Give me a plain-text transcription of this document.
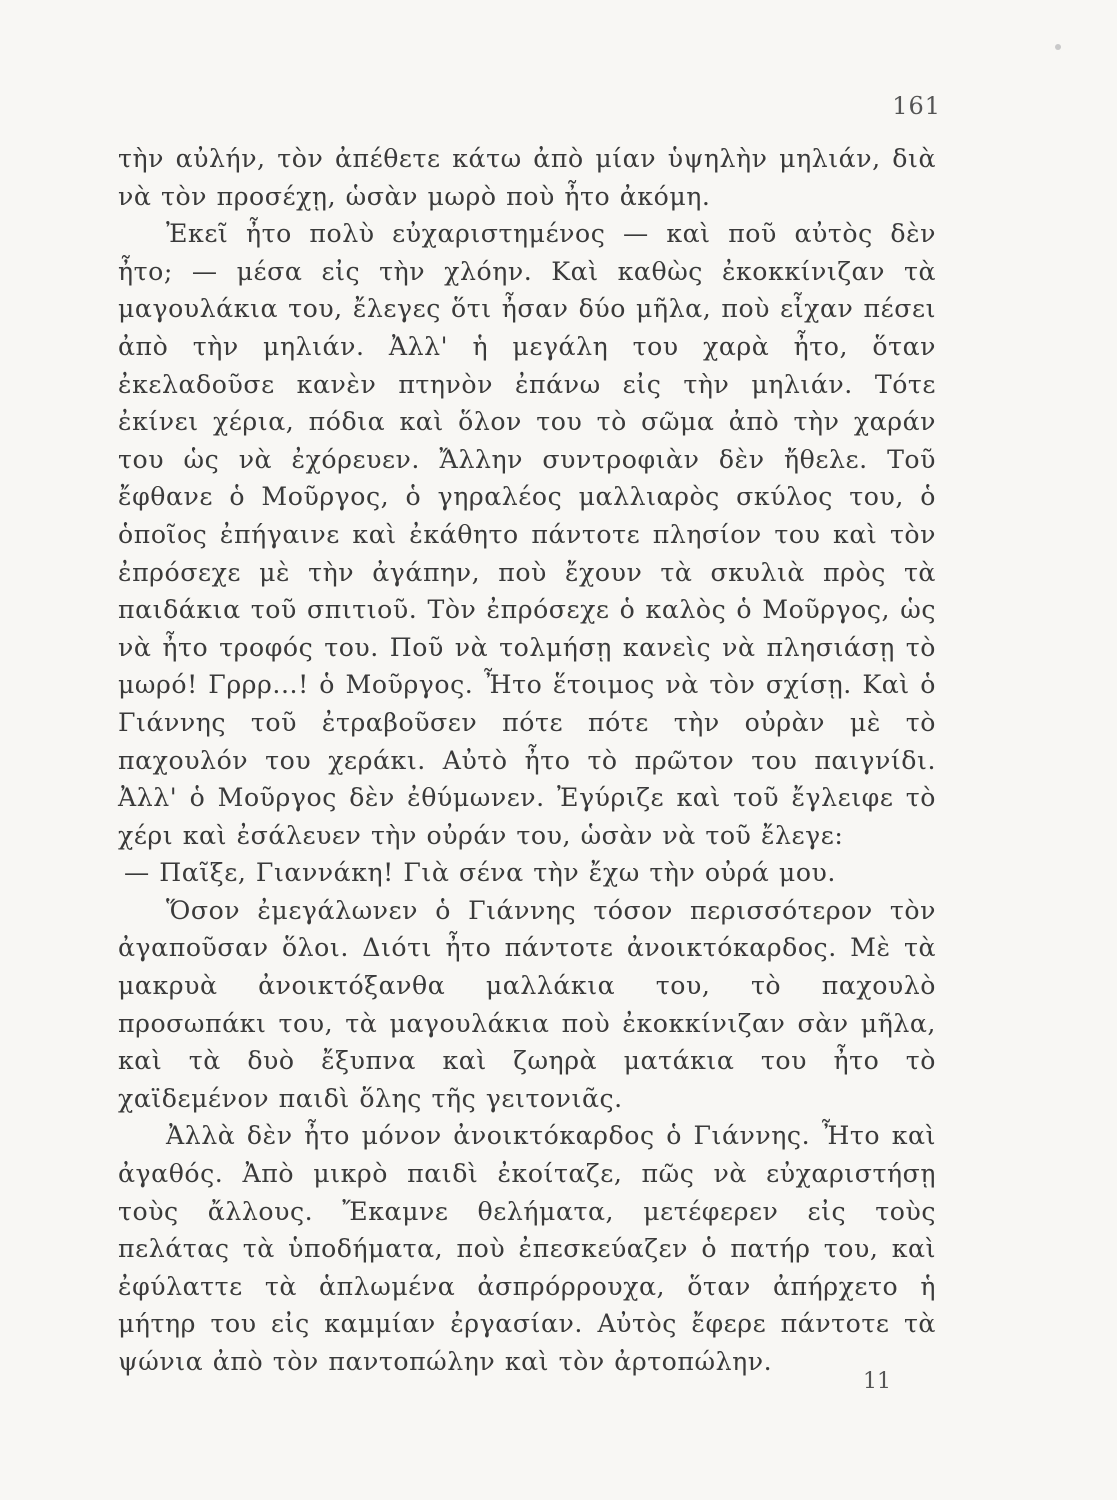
161

τὴν αὐλήν, τὸν ἀπέθετε κάτω ἀπὸ μίαν ὑψηλὴν μηλιάν, διὰ νὰ τὸν προσέχῃ, ὡσὰν μωρὸ ποὺ ἦτο ἀκόμη.

Ἐκεῖ ἦτο πολὺ εὐχαριστημένος — καὶ ποῦ αὐτὸς δὲν ἦτο; — μέσα εἰς τὴν χλόην. Καὶ καθὼς ἐκοκκίνιζαν τὰ μαγουλάκια του, ἔλεγες ὅτι ἦσαν δύο μῆλα, ποὺ εἶχαν πέσει ἀπὸ τὴν μηλιάν. Ἀλλ' ἡ μεγάλη του χαρὰ ἦτο, ὅταν ἐκελαδοῦσε κανὲν πτηνὸν ἐπάνω εἰς τὴν μηλιάν. Τότε ἐκίνει χέρια, πόδια καὶ ὅλον του τὸ σῶμα ἀπὸ τὴν χαράν του ὡς νὰ ἐχόρευεν. Ἄλλην συντροφιὰν δὲν ἤθελε. Τοῦ ἔφθανε ὁ Μοῦργος, ὁ γηραλέος μαλλιαρὸς σκύλος του, ὁ ὁποῖος ἐπήγαινε καὶ ἐκάθητο πάντοτε πλησίον του καὶ τὸν ἐπρόσεχε μὲ τὴν ἀγάπην, ποὺ ἔχουν τὰ σκυλιὰ πρὸς τὰ παιδάκια τοῦ σπιτιοῦ. Τὸν ἐπρόσεχε ὁ καλὸς ὁ Μοῦργος, ὡς νὰ ἦτο τροφός του. Ποῦ νὰ τολμήσῃ κανεὶς νὰ πλησιάσῃ τὸ μωρό! Γρρρ...! ὁ Μοῦργος. Ἦτο ἕτοιμος νὰ τὸν σχίσῃ. Καὶ ὁ Γιάννης τοῦ ἐτραβοῦσεν πότε πότε τὴν οὐρὰν μὲ τὸ παχουλόν του χεράκι. Αὐτὸ ἦτο τὸ πρῶτον του παιγνίδι. Ἀλλ' ὁ Μοῦργος δὲν ἐθύμωνεν. Ἐγύριζε καὶ τοῦ ἔγλειφε τὸ χέρι καὶ ἐσάλευεν τὴν οὐράν του, ὡσὰν νὰ τοῦ ἔλεγε:

— Παῖξε, Γιαννάκη! Γιὰ σένα τὴν ἔχω τὴν οὐρά μου.

Ὅσον ἐμεγάλωνεν ὁ Γιάννης τόσον περισσότερον τὸν ἀγαποῦσαν ὅλοι. Διότι ἦτο πάντοτε ἀνοικτόκαρδος. Μὲ τὰ μακρυὰ ἀνοικτόξανθα μαλλάκια του, τὸ παχουλὸ προσωπάκι του, τὰ μαγουλάκια ποὺ ἐκοκκίνιζαν σὰν μῆλα, καὶ τὰ δυὸ ἔξυπνα καὶ ζωηρὰ ματάκια του ἦτο τὸ χαϊδεμένον παιδὶ ὅλης τῆς γειτονιᾶς.

Ἀλλὰ δὲν ἦτο μόνον ἀνοικτόκαρδος ὁ Γιάννης. Ἦτο καὶ ἀγαθός. Ἀπὸ μικρὸ παιδὶ ἐκοίταζε, πῶς νὰ εὐχαριστήσῃ τοὺς ἄλλους. Ἔκαμνε θελήματα, μετέφερεν εἰς τοὺς πελάτας τὰ ὑποδήματα, ποὺ ἐπεσκεύαζεν ὁ πατήρ του, καὶ ἐφύλαττε τὰ ἁπλωμένα ἀσπρόρρουχα, ὅταν ἀπήρχετο ἡ μήτηρ του εἰς καμμίαν ἐργασίαν. Αὐτὸς ἔφερε πάντοτε τὰ ψώνια ἀπὸ τὸν παντοπώλην καὶ τὸν ἀρτοπώλην.

11
